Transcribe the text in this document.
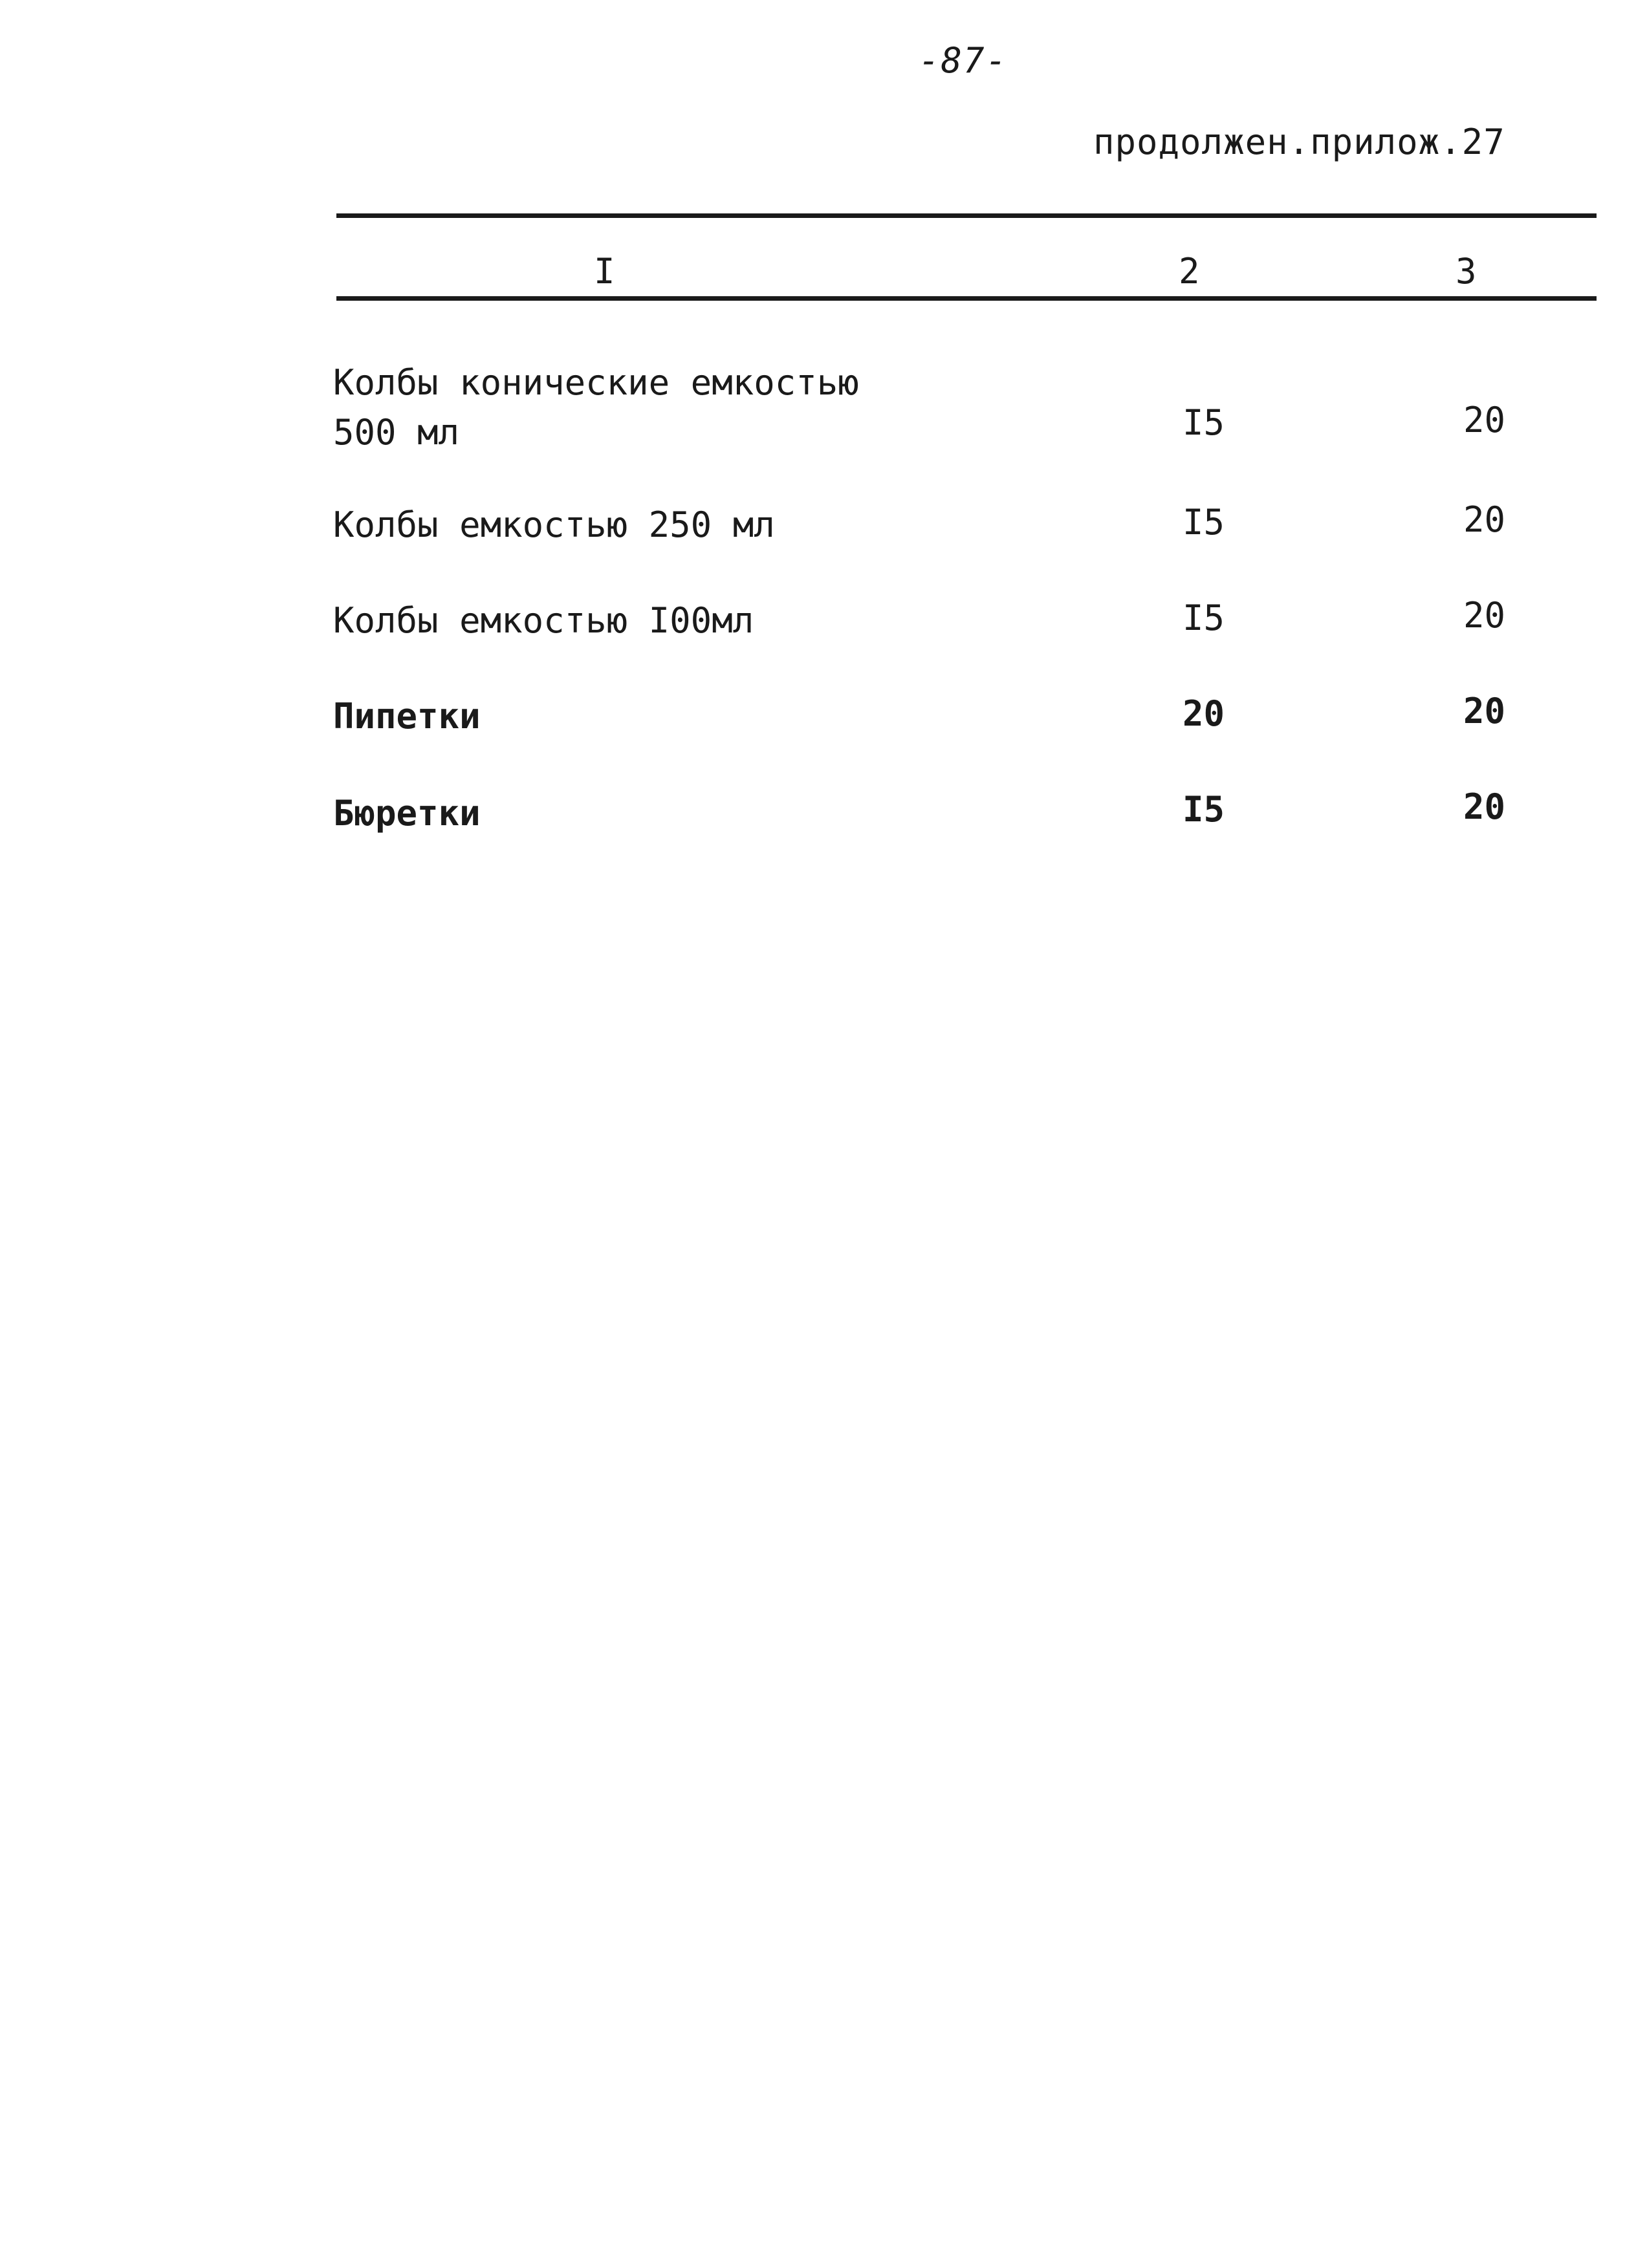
-87-
продолжен.прилож.27
I	2	3
Колбы конические емкостью
500 мл	I5	20
Колбы емкостью 250 мл	I5	20
Колбы емкостью I00мл	I5	20
Пипетки	20	20
Бюретки	I5	20
